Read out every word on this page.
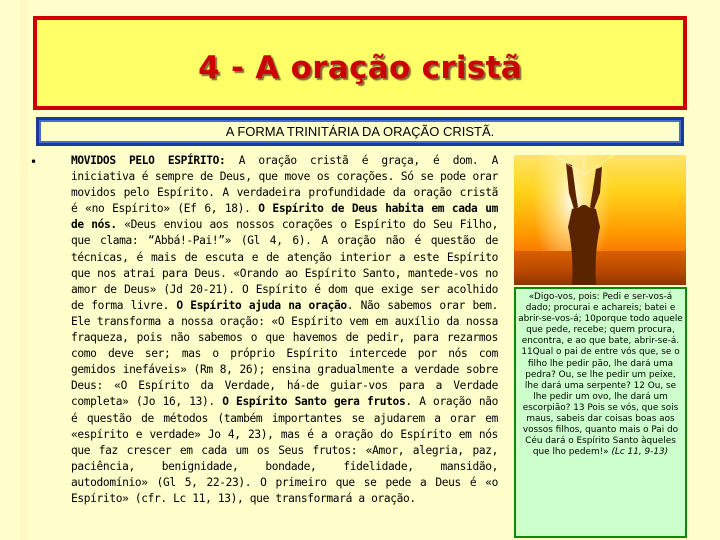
4 - A oração cristã
A FORMA TRINITÁRIA DA ORAÇÃO CRISTÃ.
•	MOVIDOS PELO ESPÍRITO: A oração cristã é graça, é dom. A iniciativa é sempre de Deus, que move os corações. Só se pode orar movidos pelo Espírito. A verdadeira profundidade da oração cristã é «no Espírito» (Ef 6, 18). O Espírito de Deus habita em cada um de nós. «Deus enviou aos nossos corações o Espírito do Seu Filho, que clama: “Abbá!-Pai!”» (Gl 4, 6). A oração não é questão de técnicas, é mais de escuta e de atenção interior a este Espírito que nos atrai para Deus. «Orando ao Espírito Santo, mantede-vos no amor de Deus» (Jd 20-21). O Espírito é dom que exige ser acolhido de forma livre. O Espírito ajuda na oração. Não sabemos orar bem. Ele transforma a nossa oração: «O Espírito vem em auxílio da nossa fraqueza, pois não sabemos o que havemos de pedir, para rezarmos como deve ser; mas o próprio Espírito intercede por nós com gemidos inefáveis» (Rm 8, 26); ensina gradualmente a verdade sobre Deus: «O Espírito da Verdade, há-de guiar-vos para a Verdade completa» (Jo 16, 13). O Espírito Santo gera frutos. A oração não é questão de métodos (também importantes se ajudarem a orar em «espírito e verdade» Jo 4, 23), mas é a oração do Espírito em nós que faz crescer em cada um os Seus frutos: «Amor, alegria, paz, paciência, benignidade, bondade, fidelidade, mansidão, autodomínio» (Gl 5, 22-23). O primeiro que se pede a Deus é «o Espírito» (cfr. Lc 11, 13), que transformará a oração.
«Digo-vos, pois: Pedi e ser-vos-á dado; procurai e achareis; batei e abrir-se-vos-á; 10porque todo aquele que pede, recebe; quem procura, encontra, e ao que bate, abrir-se-á. 11Qual o pai de entre vós que, se o filho lhe pedir pão, lhe dará uma pedra? Ou, se lhe pedir um peixe, lhe dará uma serpente? 12 Ou, se lhe pedir um ovo, lhe dará um escorpião? 13 Pois se vós, que sois maus, sabeis dar coisas boas aos vossos filhos, quanto mais o Pai do Céu dará o Espírito Santo àqueles que lho pedem!» (Lc 11, 9-13)
